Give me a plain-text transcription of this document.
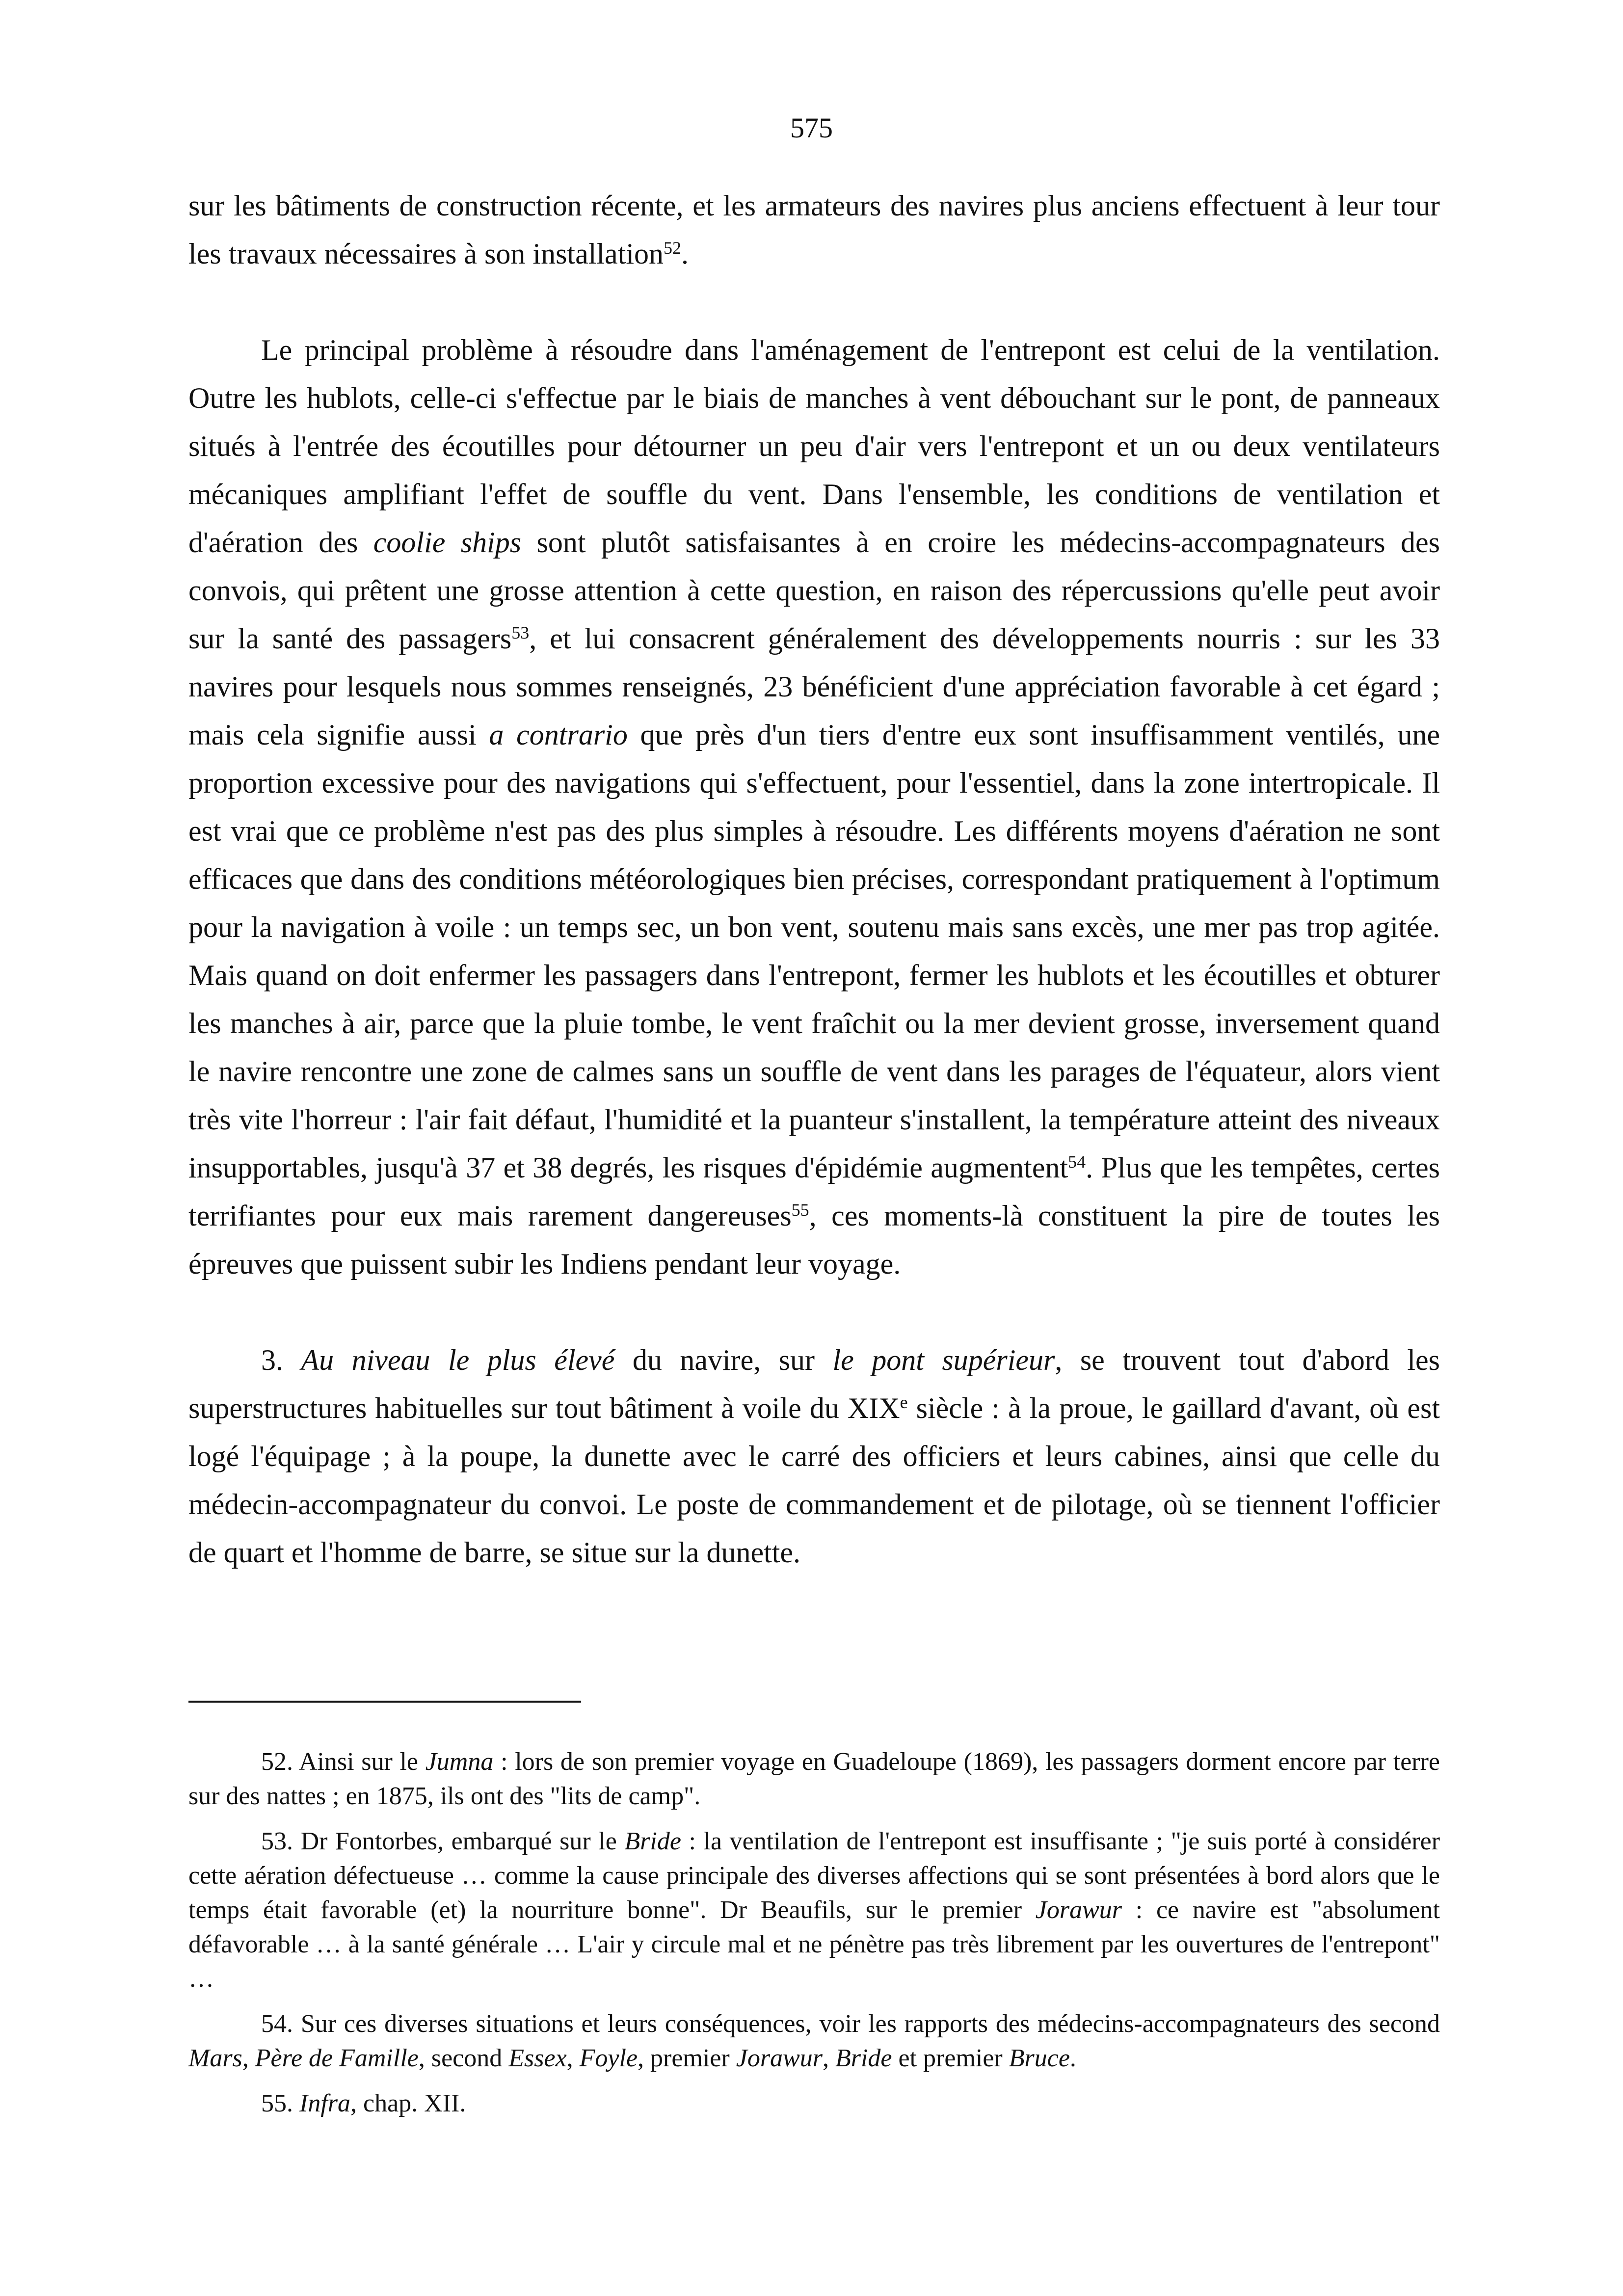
575

sur les bâtiments de construction récente, et les armateurs des navires plus anciens effectuent à leur tour les travaux nécessaires à son installation$^{52}$.

Le principal problème à résoudre dans l'aménagement de l'entrepont est celui de la ventilation. Outre les hublots, celle-ci s'effectue par le biais de manches à vent débouchant sur le pont, de panneaux situés à l'entrée des écoutilles pour détourner un peu d'air vers l'entrepont et un ou deux ventilateurs mécaniques amplifiant l'effet de souffle du vent. Dans l'ensemble, les conditions de ventilation et d'aération des coolie ships sont plutôt satisfaisantes à en croire les médecins-accompagnateurs des convois, qui prêtent une grosse attention à cette question, en raison des répercussions qu'elle peut avoir sur la santé des passagers$^{53}$, et lui consacrent généralement des développements nourris : sur les 33 navires pour lesquels nous sommes renseignés, 23 bénéficient d'une appréciation favorable à cet égard ; mais cela signifie aussi a contrario que près d'un tiers d'entre eux sont insuffisamment ventilés, une proportion excessive pour des navigations qui s'effectuent, pour l'essentiel, dans la zone intertropicale. Il est vrai que ce problème n'est pas des plus simples à résoudre. Les différents moyens d'aération ne sont efficaces que dans des conditions météorologiques bien précises, correspondant pratiquement à l'optimum pour la navigation à voile : un temps sec, un bon vent, soutenu mais sans excès, une mer pas trop agitée. Mais quand on doit enfermer les passagers dans l'entrepont, fermer les hublots et les écoutilles et obturer les manches à air, parce que la pluie tombe, le vent fraîchit ou la mer devient grosse, inversement quand le navire rencontre une zone de calmes sans un souffle de vent dans les parages de l'équateur, alors vient très vite l'horreur : l'air fait défaut, l'humidité et la puanteur s'installent, la température atteint des niveaux insupportables, jusqu'à 37 et 38 degrés, les risques d'épidémie augmentent$^{54}$. Plus que les tempêtes, certes terrifiantes pour eux mais rarement dangereuses$^{55}$, ces moments-là constituent la pire de toutes les épreuves que puissent subir les Indiens pendant leur voyage.

3. Au niveau le plus élevé du navire, sur le pont supérieur, se trouvent tout d'abord les superstructures habituelles sur tout bâtiment à voile du XIXe siècle : à la proue, le gaillard d'avant, où est logé l'équipage ; à la poupe, la dunette avec le carré des officiers et leurs cabines, ainsi que celle du médecin-accompagnateur du convoi. Le poste de commandement et de pilotage, où se tiennent l'officier de quart et l'homme de barre, se situe sur la dunette.

52. Ainsi sur le Jumna : lors de son premier voyage en Guadeloupe (1869), les passagers dorment encore par terre sur des nattes ; en 1875, ils ont des "lits de camp".

53. Dr Fontorbes, embarqué sur le Bride : la ventilation de l'entrepont est insuffisante ; "je suis porté à considérer cette aération défectueuse … comme la cause principale des diverses affections qui se sont présentées à bord alors que le temps était favorable (et) la nourriture bonne". Dr Beaufils, sur le premier Jorawur : ce navire est "absolument défavorable … à la santé générale … L'air y circule mal et ne pénètre pas très librement par les ouvertures de l'entrepont" …

54. Sur ces diverses situations et leurs conséquences, voir les rapports des médecins-accompagnateurs des second Mars, Père de Famille, second Essex, Foyle, premier Jorawur, Bride et premier Bruce.

55. Infra, chap. XII.
